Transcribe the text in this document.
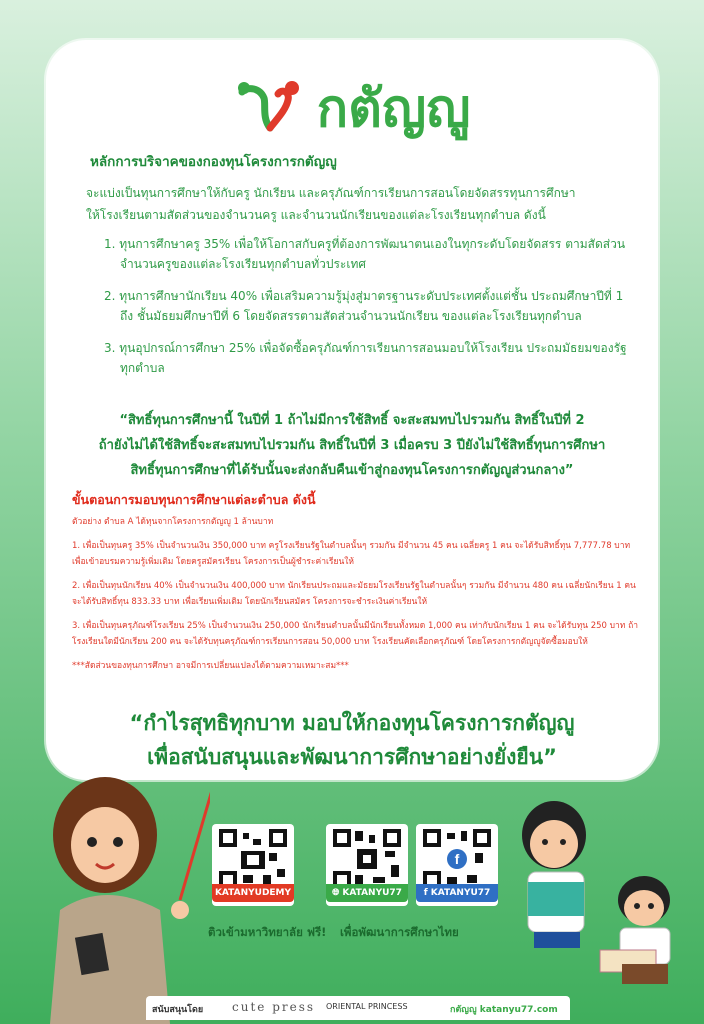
กตัญญู
หลักการบริจาคของกองทุนโครงการกตัญญู
จะแบ่งเป็นทุนการศึกษาให้กับครู นักเรียน และครุภัณฑ์การเรียนการสอนโดยจัดสรรทุนการศึกษา
ให้โรงเรียนตามสัดส่วนของจำนวนครู และจำนวนนักเรียนของแต่ละโรงเรียนทุกตำบล ดังนี้
1. ทุนการศึกษาครู 35% เพื่อให้โอกาสกับครูที่ต้องการพัฒนาตนเองในทุกระดับโดยจัดสรร ตามสัดส่วนจำนวนครูของแต่ละโรงเรียนทุกตำบลทั่วประเทศ
2. ทุนการศึกษานักเรียน 40% เพื่อเสริมความรู้มุ่งสู่มาตรฐานระดับประเทศตั้งแต่ชั้น ประถมศึกษาปีที่ 1 ถึง ชั้นมัธยมศึกษาปีที่ 6 โดยจัดสรรตามสัดส่วนจำนวนนักเรียน ของแต่ละโรงเรียนทุกตำบล
3. ทุนอุปกรณ์การศึกษา 25% เพื่อจัดซื้อครุภัณฑ์การเรียนการสอนมอบให้โรงเรียน ประถมมัธยมของรัฐทุกตำบล
“สิทธิ์ทุนการศึกษานี้ ในปีที่ 1 ถ้าไม่มีการใช้สิทธิ์ จะสะสมทบไปรวมกัน สิทธิ์ในปีที่ 2
ถ้ายังไม่ได้ใช้สิทธิ์จะสะสมทบไปรวมกัน สิทธิ์ในปีที่ 3 เมื่อครบ 3 ปียังไม่ใช้สิทธิ์ทุนการศึกษา
สิทธิ์ทุนการศึกษาที่ได้รับนั้นจะส่งกลับคืนเข้าสู่กองทุนโครงการกตัญญูส่วนกลาง”
ขั้นตอนการมอบทุนการศึกษาแต่ละตำบล ดังนี้

ตัวอย่าง ตำบล A ได้ทุนจากโครงการกตัญญู 1 ล้านบาท

1. เพื่อเป็นทุนครู 35% เป็นจำนวนเงิน 350,000 บาท ครูโรงเรียนรัฐในตำบลนั้นๆ รวมกัน มีจำนวน 45 คน เฉลี่ยครู 1 คน จะได้รับสิทธิ์ทุน 7,777.78 บาท เพื่อเข้าอบรมความรู้เพิ่มเติม โดยครูสมัครเรียน โครงการเป็นผู้ชำระค่าเรียนให้

2. เพื่อเป็นทุนนักเรียน 40% เป็นจำนวนเงิน 400,000 บาท นักเรียนประถมและมัธยมโรงเรียนรัฐในตำบลนั้นๆ รวมกัน มีจำนวน 480 คน เฉลี่ยนักเรียน 1 คนจะได้รับสิทธิ์ทุน 833.33 บาท เพื่อเรียนเพิ่มเติม โดยนักเรียนสมัคร โครงการจะชำระเงินค่าเรียนให้

3. เพื่อเป็นทุนครุภัณฑ์โรงเรียน 25% เป็นจำนวนเงิน 250,000 นักเรียนตำบลนั้นมีนักเรียนทั้งหมด 1,000 คน เท่ากับนักเรียน 1 คน จะได้รับทุน 250 บาท ถ้าโรงเรียนใดมีนักเรียน 200 คน จะได้รับทุนครุภัณฑ์การเรียนการสอน 50,000 บาท โรงเรียนคัดเลือกครุภัณฑ์ โดยโครงการกตัญญูจัดซื้อมอบให้

***สัดส่วนของทุนการศึกษา อาจมีการเปลี่ยนแปลงได้ตามความเหมาะสม***

“กำไรสุทธิทุกบาท มอบให้กองทุนโครงการกตัญญู
เพื่อสนับสนุนและพัฒนาการศึกษาอย่างยั่งยืน”
KATANYUDEMY	🌐︎ KATANYU77
f
f KATANYU77
ติวเข้ามหาวิทยาลัย ฟรี! เพื่อพัฒนาการศึกษาไทย
สนับสนุนโดย cute press ORIENTAL PRINCESS	กตัญญู katanyu77.com
